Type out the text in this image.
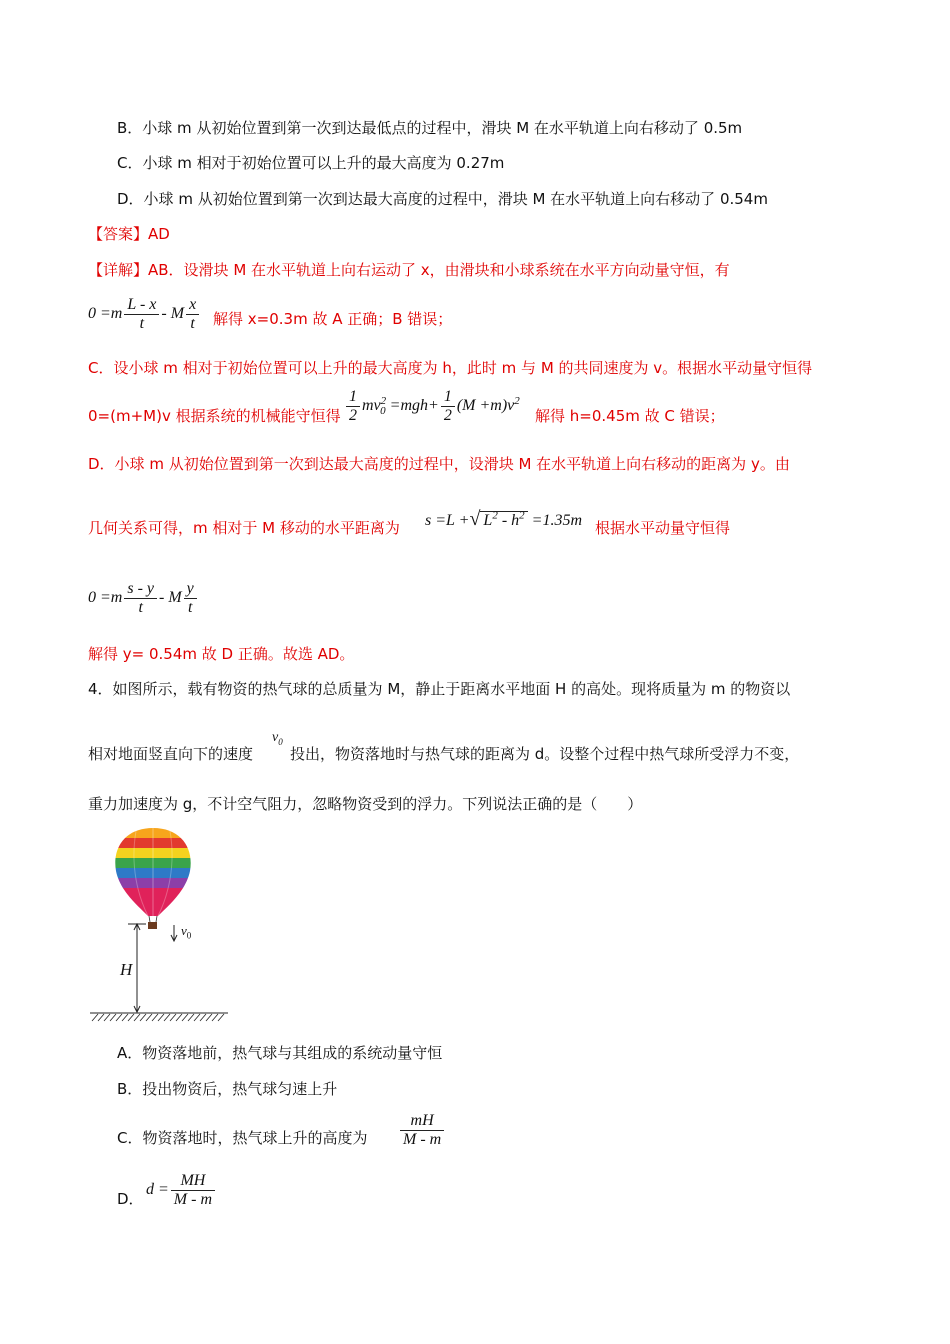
B．小球 m 从初始位置到第一次到达最低点的过程中，滑块 M 在水平轨道上向右移动了 0.5m
C．小球 m 相对于初始位置可以上升的最大高度为 0.27m
D．小球 m 从初始位置到第一次到达最大高度的过程中，滑块 M 在水平轨道上向右移动了 0.54m
【答案】AD
【详解】AB．设滑块 M 在水平轨道上向右运动了 x，由滑块和小球系统在水平方向动量守恒，有
$0 =m \frac{L - x}{t} - M \frac{x}{t}$ 解得 x=0.3m 故 A 正确；B 错误；
C．设小球 m 相对于初始位置可以上升的最大高度为 h，此时 m 与 M 的共同速度为 v。根据水平动量守恒得
0=(m+M)v 根据系统的机械能守恒得 $\frac{1}{2} mv^2_0 =mgh+ \frac{1}{2} (M +m)v^2$
解得 h=0.45m 故 C 错误；
D．小球 m 从初始位置到第一次到达最大高度的过程中，设滑块 M 在水平轨道上向右移动的距离为 y。由
几何关系可得，m 相对于 M 移动的水平距离为 s =L +√ $L^2 - h^2 =1.35m$ 根据水平动量守恒得
$0 =m \frac{s - y}{t} - M \frac{y}{t}$
解得 y= 0.54m 故 D 正确。故选 AD。
4．如图所示，载有物资的热气球的总质量为 M，静止于距离水平地面 H 的高处。现将质量为 m 的物资以
相对地面竖直向下的速度
$v_0$
投出，物资落地时与热气球的距离为 d。设整个过程中热气球所受浮力不变，
重力加速度为 g，不计空气阻力，忽略物资受到的浮力。下列说法正确的是（　　）
H
$v_0$
A．物资落地前，热气球与其组成的系统动量守恒
B．投出物资后，热气球匀速上升
C．物资落地时，热气球上升的高度为 $\frac{mH}{M - m}$
D．
$d = \frac{MH}{M - m}$
